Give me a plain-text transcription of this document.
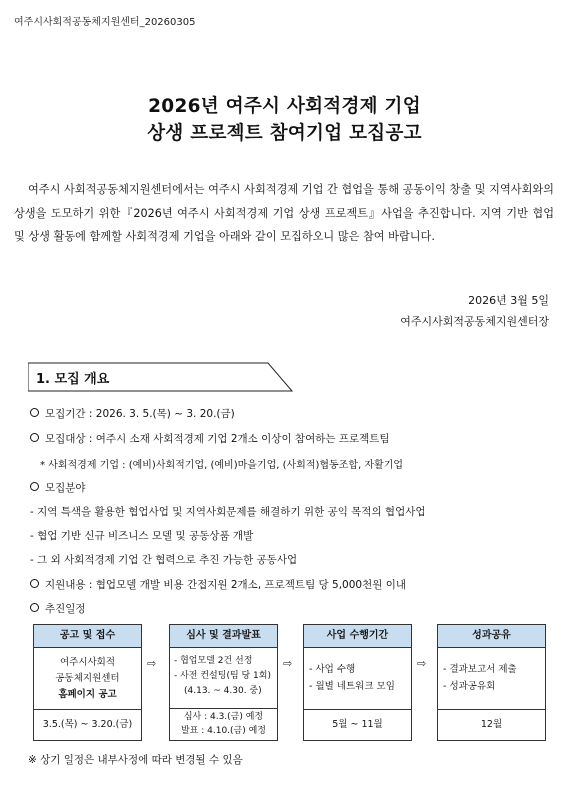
여주시사회적공동체지원센터_20260305
2026년 여주시 사회적경제 기업
상생 프로젝트 참여기업 모집공고
여주시 사회적공동체지원센터에서는 여주시 사회적경제 기업 간 협업을 통해 공동이익 창출 및 지역사회와의 상생을 도모하기 위한『2026년 여주시 사회적경제 기업 상생 프로젝트』사업을 추진합니다. 지역 기반 협업 및 상생 활동에 함께할 사회적경제 기업을 아래와 같이 모집하오니 많은 참여 바랍니다.
2026년 3월 5일
여주시사회적공동체지원센터장
1. 모집 개요
모집기간 : 2026. 3. 5.(목) ~ 3. 20.(금)
모집대상 : 여주시 소재 사회적경제 기업 2개소 이상이 참여하는 프로젝트팀
* 사회적경제 기업 : (예비)사회적기업, (예비)마을기업, (사회적)협동조합, 자활기업
모집분야
- 지역 특색을 활용한 협업사업 및 지역사회문제를 해결하기 위한 공익 목적의 협업사업
- 협업 기반 신규 비즈니스 모델 및 공동상품 개발
- 그 외 사회적경제 기업 간 협력으로 추진 가능한 공동사업
지원내용 : 협업모델 개발 비용 간접지원 2개소, 프로젝트팀 당 5,000천원 이내
추진일정
공고 및 접수
여주시사회적
공동체지원센터
홈페이지 공고
3.5.(목) ~ 3.20.(금)
⇨
심사 및 결과발표
- 협업모델 2건 선정
- 사전 컨설팅(팀 당 1회)
(4.13. ~ 4.30. 중)
심사 : 4.3.(금) 예정
발표 : 4.10.(금) 예정
⇨
사업 수행기간
- 사업 수행
- 월별 네트워크 모임
5월 ~ 11월
⇨
성과공유
- 결과보고서 제출
- 성과공유회
12월
※ 상기 일정은 내부사정에 따라 변경될 수 있음
